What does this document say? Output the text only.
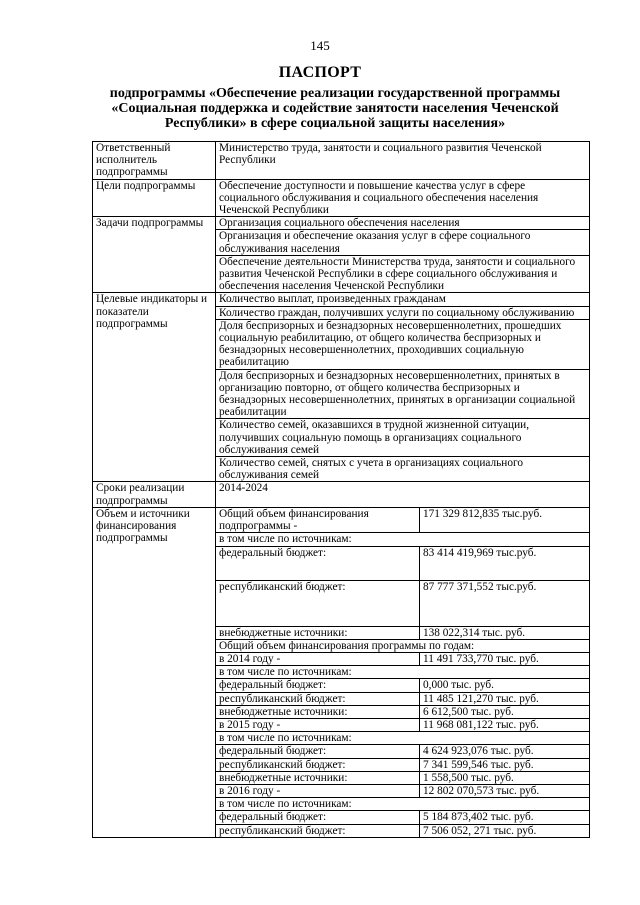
145
ПАСПОРТ
подпрограммы «Обеспечение реализации государственной программы «Социальная поддержка и содействие занятости населения Чеченской Республики» в сфере социальной защиты населения»
Ответственный исполнитель подпрограммы	Министерство труда, занятости и социального развития Чеченской Республики	
Цели подпрограммы	Обеспечение доступности и повышение качества услуг в сфере социального обслуживания и социального обеспечения населения Чеченской Республики	
Задачи подпрограммы	Организация социального обеспечения населения	
	Организация и обеспечение оказания услуг в сфере социального обслуживания населения	
	Обеспечение деятельности Министерства труда, занятости и социального развития Чеченской Республики в сфере социального обслуживания и обеспечения населения Чеченской Республики	
Целевые индикаторы и показатели подпрограммы	Количество выплат, произведенных гражданам	
	Количество граждан, получивших услуги по социальному обслуживанию	
	Доля беспризорных и безнадзорных несовершеннолетних, прошедших социальную реабилитацию, от общего количества беспризорных и безнадзорных несовершеннолетних, проходивших социальную реабилитацию	
	Доля беспризорных и безнадзорных несовершеннолетних, принятых в организацию повторно, от общего количества беспризорных и безнадзорных несовершеннолетних, принятых в организации социальной реабилитации	
	Количество семей, оказавшихся в трудной жизненной ситуации, получивших социальную помощь в организациях социального обслуживания семей	
	Количество семей, снятых с учета в организациях социального обслуживания семей	
Сроки реализации подпрограммы	2014-2024	
Объем и источники финансирования подпрограммы	Общий объем финансирования подпрограммы -	171 329 812,835 тыс.руб.
	в том числе по источникам:	
	федеральный бюджет:	83 414 419,969 тыс.руб.
	республиканский бюджет:	87 777 371,552 тыс.руб.
	внебюджетные источники:	138 022,314 тыс. руб.
	Общий объем финансирования программы по годам:	
	в 2014 году -	11 491 733,770 тыс. руб.
	в том числе по источникам:	
	федеральный бюджет:	0,000 тыс. руб.
	республиканский бюджет:	11 485 121,270 тыс. руб.
	внебюджетные источники:	6 612,500 тыс. руб.
	в 2015 году -	11 968 081,122 тыс. руб.
	в том числе по источникам:	
	федеральный бюджет:	4 624 923,076 тыс. руб.
	республиканский бюджет:	7 341 599,546 тыс. руб.
	внебюджетные источники:	1 558,500 тыс. руб.
	в 2016 году -	12 802 070,573 тыс. руб.
	в том числе по источникам:	
	федеральный бюджет:	5 184 873,402 тыс. руб.
	республиканский бюджет:	7 506 052, 271 тыс. руб.
